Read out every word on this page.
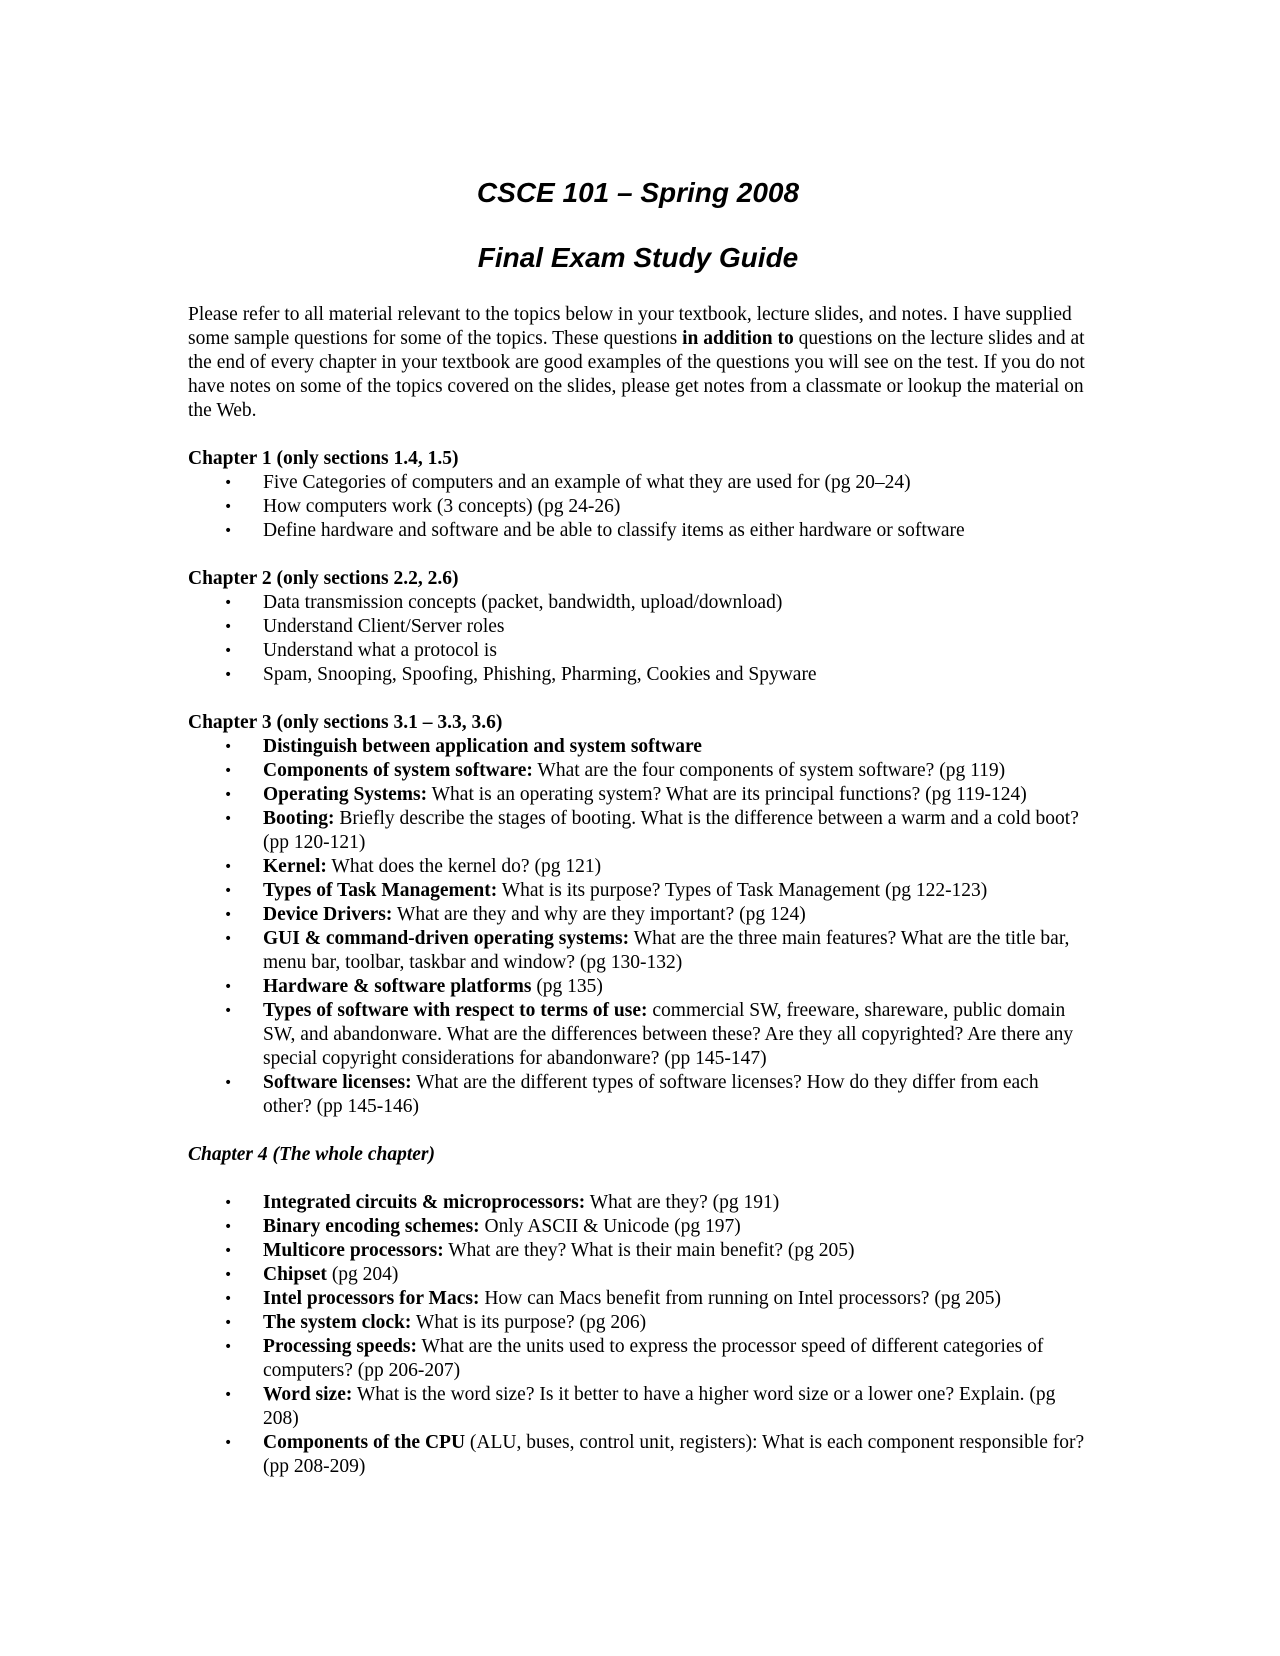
CSCE 101 – Spring 2008
Final Exam Study Guide

Please refer to all material relevant to the topics below in your textbook, lecture slides, and notes. I have supplied some sample questions for some of the topics. These questions in addition to questions on the lecture slides and at the end of every chapter in your textbook are good examples of the questions you will see on the test. If you do not have notes on some of the topics covered on the slides, please get notes from a classmate or lookup the material on the Web.

Chapter 1 (only sections 1.4, 1.5)

• Five Categories of computers and an example of what they are used for (pg 20–24)
• How computers work (3 concepts) (pg 24-26)
• Define hardware and software and be able to classify items as either hardware or software

Chapter 2 (only sections 2.2, 2.6)

• Data transmission concepts (packet, bandwidth, upload/download)
• Understand Client/Server roles
• Understand what a protocol is
• Spam, Snooping, Spoofing, Phishing, Pharming, Cookies and Spyware

Chapter 3 (only sections 3.1 – 3.3, 3.6)

• Distinguish between application and system software
• Components of system software: What are the four components of system software? (pg 119)
• Operating Systems: What is an operating system? What are its principal functions? (pg 119-124)
• Booting: Briefly describe the stages of booting. What is the difference between a warm and a cold boot? (pp 120-121)
• Kernel: What does the kernel do? (pg 121)
• Types of Task Management: What is its purpose? Types of Task Management (pg 122-123)
• Device Drivers: What are they and why are they important? (pg 124)
• GUI & command-driven operating systems: What are the three main features? What are the title bar, menu bar, toolbar, taskbar and window? (pg 130-132)
• Hardware & software platforms (pg 135)
• Types of software with respect to terms of use: commercial SW, freeware, shareware, public domain SW, and abandonware. What are the differences between these? Are they all copyrighted? Are there any special copyright considerations for abandonware? (pp 145-147)
• Software licenses: What are the different types of software licenses? How do they differ from each other? (pp 145-146)

Chapter 4 (The whole chapter)

• Integrated circuits & microprocessors: What are they? (pg 191)
• Binary encoding schemes: Only ASCII & Unicode (pg 197)
• Multicore processors: What are they? What is their main benefit? (pg 205)
• Chipset (pg 204)
• Intel processors for Macs: How can Macs benefit from running on Intel processors? (pg 205)
• The system clock: What is its purpose? (pg 206)
• Processing speeds: What are the units used to express the processor speed of different categories of computers? (pp 206-207)
• Word size: What is the word size? Is it better to have a higher word size or a lower one? Explain. (pg 208)
• Components of the CPU (ALU, buses, control unit, registers): What is each component responsible for? (pp 208-209)
